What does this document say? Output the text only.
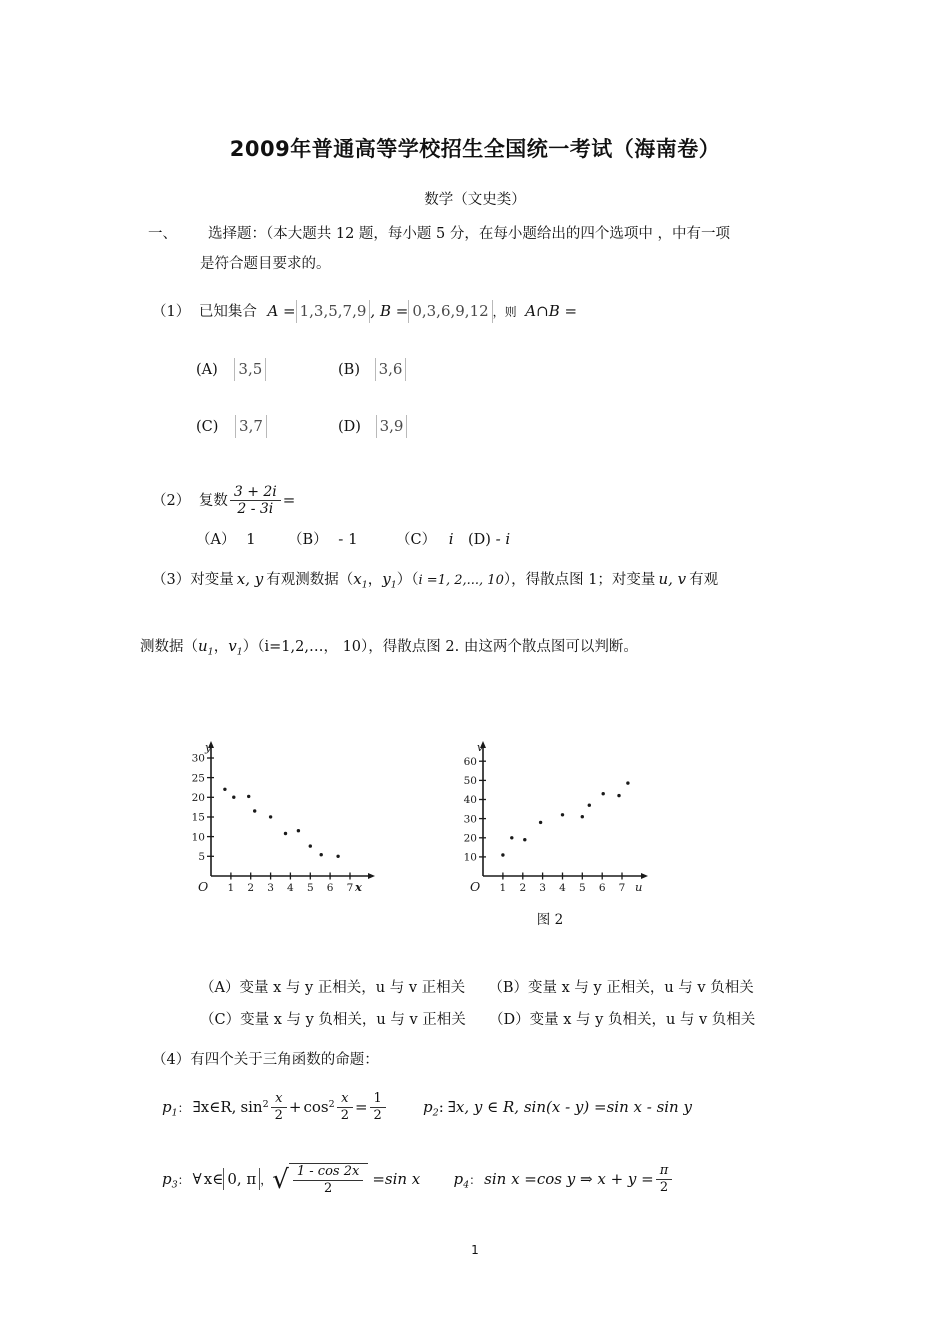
2009年普通高等学校招生全国统一考试（海南卷）
数学（文史类）
一、 选择题：（本大题共 12 题，每小题 5 分，在每小题给出的四个选项中 ，中有一项
是符合题目要求的。
（1） 已知集合 A = 1,3,5,7,9 , B = 0,3,6,9,12 ，则 A∩B =
(A) 3,5	(B) 3,6
(C) 3,7	(D) 3,9
（2） 复数 $\frac{3 + 2i}{2 - 3i}$ =
（A） 1 （B） - 1	（C） i (D) - i
（3）对变量 x, y 有观测数据（$x_1$，$y_1)(i =1$, 2,..., 10），得散点图 1；对变量 u, v 有观
测数据（$u_1$，$v_1)(i=1,2,\dots$， 10），得散点图 2. 由这两个散点图可以判断。
5
10
15
20
25
30
1 2 3 4 5 6 7
O
y
x
10
20
30
40
50
60
1 2 3 4 5 6 7
O
v
u
图 2
（A）变量 x 与 y 正相关，u 与 v 正相关 （B）变量 x 与 y 正相关，u 与 v 负相关
（C）变量 x 与 y 负相关，u 与 v 正相关 （D）变量 x 与 y 负相关，u 与 v 负相关
（4）有四个关于三角函数的命题：
$p_1$： ∃x∈R, $\sin^2 \frac{x}{2} + \cos^2 \frac{x}{2} = \frac{1}{2} p_2$: ∃x, y ∈ R, sin(x - y) =sin x - sin y
$p_3$： ∀ x∈ 0, π ，√ $\frac{1 - \cos 2x}{2} =\sin$ x $p_4$： sin x =cos y ⇒ $x + y = \frac{\pi}{2}$
1
